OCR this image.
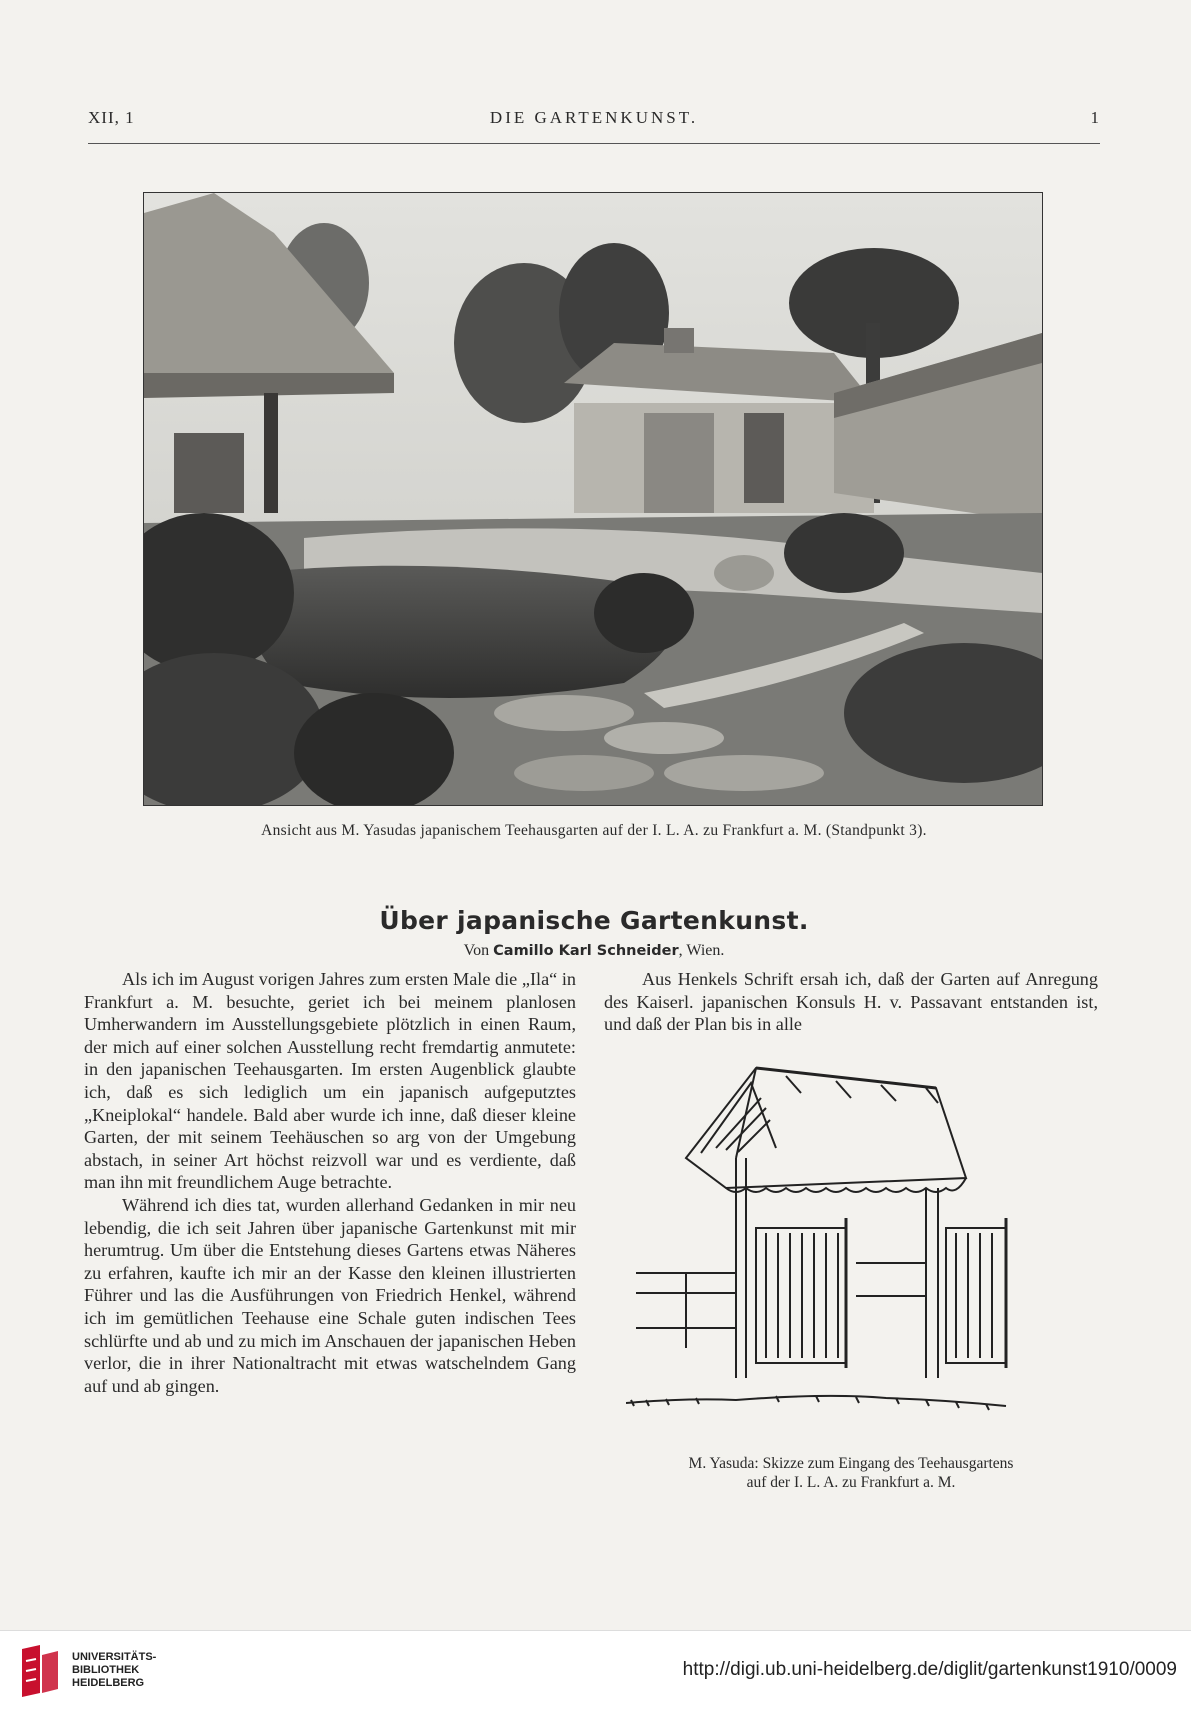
XII, 1	DIE GARTENKUNST.	1
Ansicht aus M. Yasudas japanischem Teehausgarten auf der I. L. A. zu Frankfurt a. M. (Standpunkt 3).
Über japanische Gartenkunst.
Von Camillo Karl Schneider, Wien.

Als ich im August vorigen Jahres zum ersten Male die „Ila“ in Frankfurt a. M. besuchte, geriet ich bei meinem planlosen Umherwandern im Ausstellungsgebiete plötzlich in einen Raum, der mich auf einer solchen Ausstellung recht fremdartig anmutete: in den japanischen Teehausgarten. Im ersten Augenblick glaubte ich, daß es sich lediglich um ein japanisch aufgeputztes „Kneiplokal“ handele. Bald aber wurde ich inne, daß dieser kleine Garten, der mit seinem Teehäuschen so arg von der Umgebung abstach, in seiner Art höchst reizvoll war und es verdiente, daß man ihn mit freundlichem Auge betrachte.

Während ich dies tat, wurden allerhand Gedanken in mir neu lebendig, die ich seit Jahren über japanische Gartenkunst mit mir herumtrug. Um über die Entstehung dieses Gartens etwas Näheres zu erfahren, kaufte ich mir an der Kasse den kleinen illustrierten Führer und las die Ausführungen von Friedrich Henkel, während ich im gemütlichen Teehause eine Schale guten indischen Tees schlürfte und ab und zu mich im Anschauen der japanischen Heben verlor, die in ihrer Nationaltracht mit etwas watschelndem Gang auf und ab gingen.

Aus Henkels Schrift ersah ich, daß der Garten auf Anregung des Kaiserl. japanischen Konsuls H. v. Passavant entstanden ist, und daß der Plan bis in alle

M. Yasuda: Skizze zum Eingang des Teehausgartens
auf der I. L. A. zu Frankfurt a. M.
UNIVERSITÄTS-
BIBLIOTHEK
HEIDELBERG
http://digi.ub.uni-heidelberg.de/diglit/gartenkunst1910/0009
